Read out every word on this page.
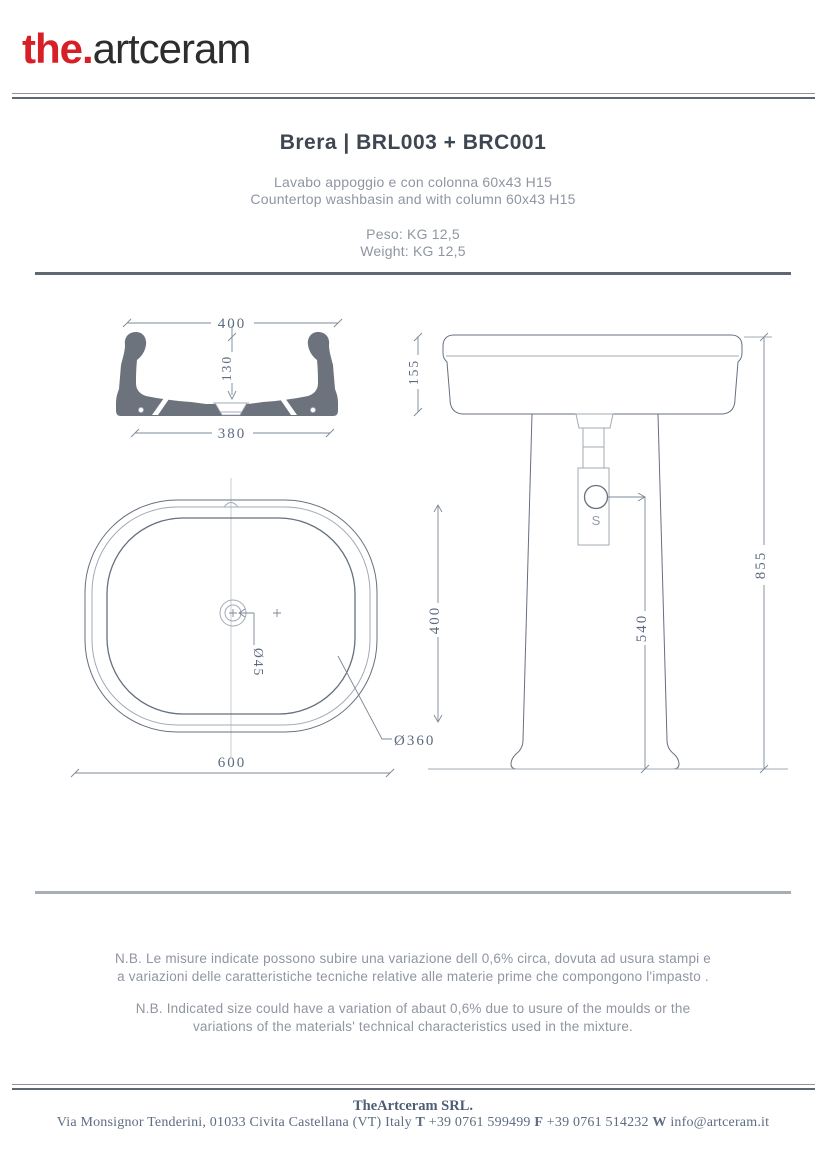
the.artceram
Brera | BRL003 + BRC001
Lavabo appoggio e con colonna 60x43 H15
Countertop washbasin and with column 60x43 H15
Peso: KG 12,5
Weight: KG 12,5
400
130
380
S
155
855
400	540
Ø45
Ø360
600
N.B. Le misure indicate possono subire una variazione dell 0,6% circa, dovuta ad usura stampi e
a variazioni delle caratteristiche tecniche relative alle materie prime che compongono l'impasto .
N.B. Indicated size could have a variation of abaut 0,6% due to usure of the moulds or the
variations of the materials' technical characteristics used in the mixture.
TheArtceram SRL.
Via Monsignor Tenderini, 01033 Civita Castellana (VT) Italy T +39 0761 599499 F +39 0761 514232 W info@artceram.it
